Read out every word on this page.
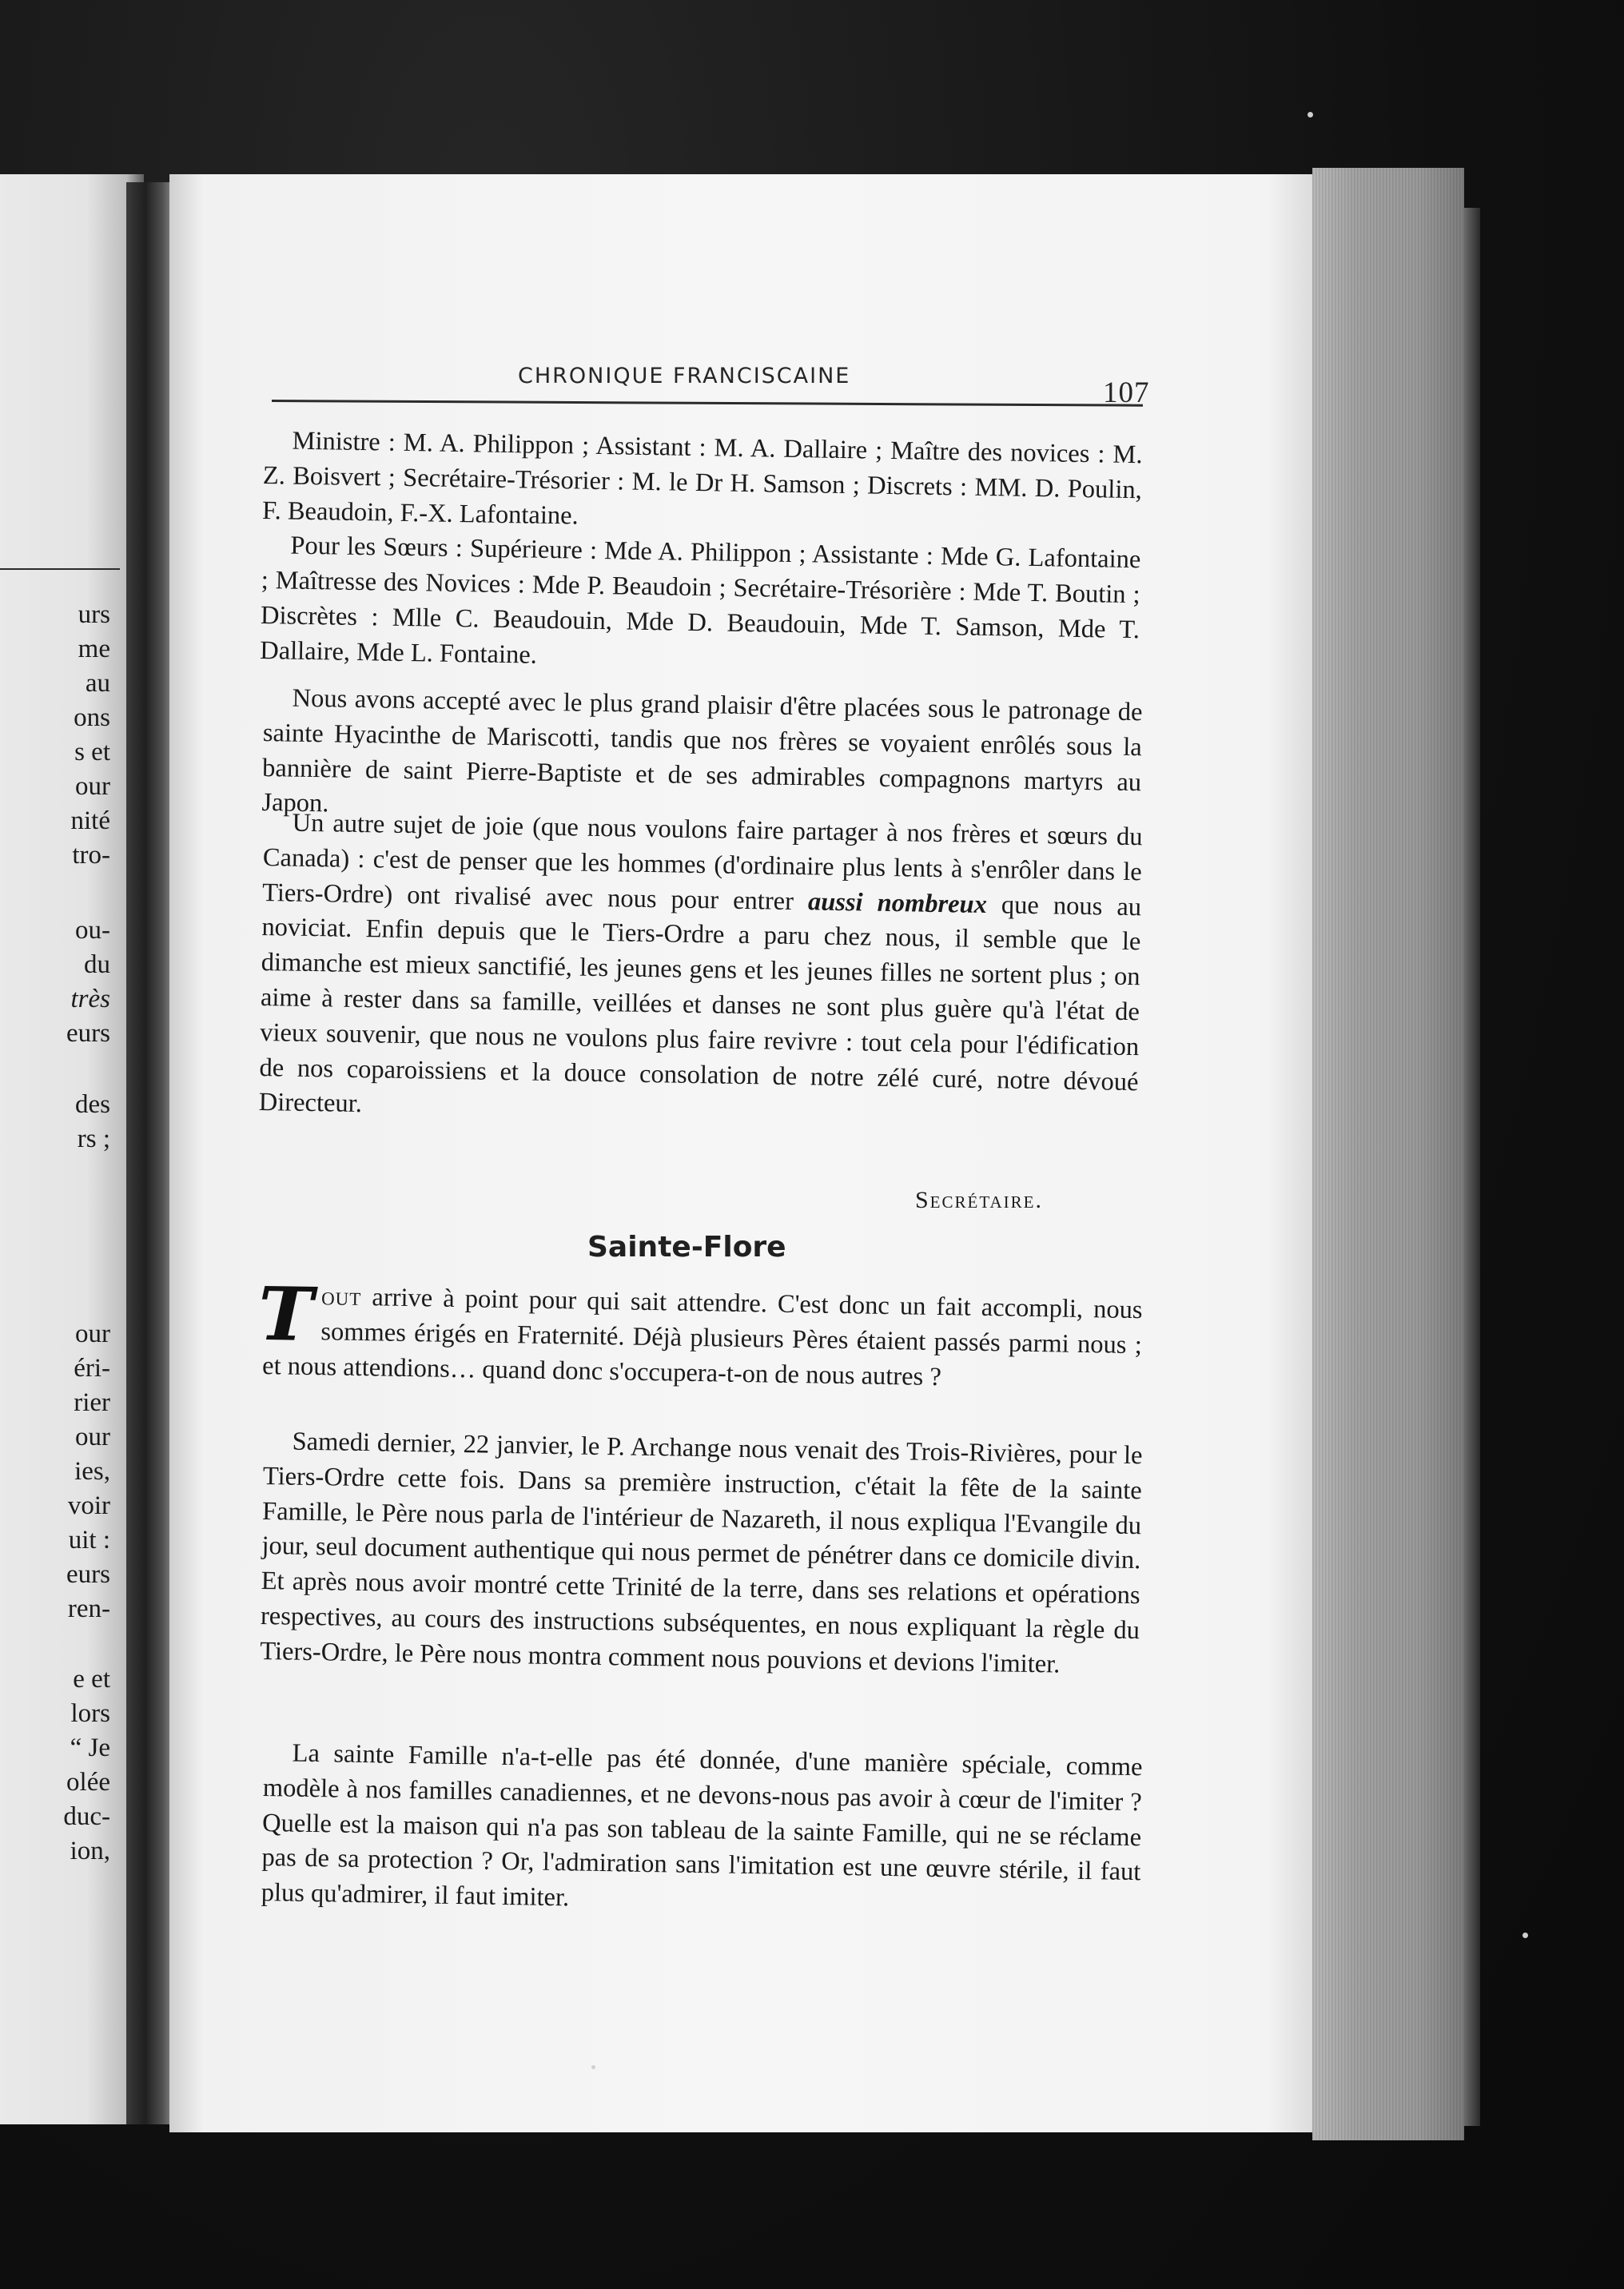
urs
me
au
ons
s et
our
nité
tro-
ou-
du
très
eurs
des
rs ;
our
éri-
rier
our
ies,
voir
uit :
eurs
ren-
e et
lors
“ Je
olée
duc-
ion,
CHRONIQUE FRANCISCAINE
107

Ministre : M. A. Philippon ; Assistant : M. A. Dallaire ; Maître des novices : M. Z. Boisvert ; Secrétaire-Trésorier : M. le Dr H. Samson ; Discrets : MM. D. Poulin, F. Beaudoin, F.-X. Lafontaine.

Pour les Sœurs : Supérieure : Mde A. Philippon ; Assistante : Mde G. Lafontaine ; Maîtresse des Novices : Mde P. Beaudoin ; Secrétaire-Trésorière : Mde T. Boutin ; Discrètes : Mlle C. Beaudouin, Mde D. Beaudouin, Mde T. Samson, Mde T. Dallaire, Mde L. Fontaine.

Nous avons accepté avec le plus grand plaisir d'être placées sous le patronage de sainte Hyacinthe de Mariscotti, tandis que nos frères se voyaient enrôlés sous la bannière de saint Pierre-Baptiste et de ses admirables compagnons martyrs au Japon.

Un autre sujet de joie (que nous voulons faire partager à nos frères et sœurs du Canada) : c'est de penser que les hommes (d'ordinaire plus lents à s'enrôler dans le Tiers-Ordre) ont rivalisé avec nous pour entrer aussi nombreux que nous au noviciat. Enfin depuis que le Tiers-Ordre a paru chez nous, il semble que le dimanche est mieux sanctifié, les jeunes gens et les jeunes filles ne sortent plus ; on aime à rester dans sa famille, veillées et danses ne sont plus guère qu'à l'état de vieux souvenir, que nous ne voulons plus faire revivre : tout cela pour l'édification de nos coparoissiens et la douce consolation de notre zélé curé, notre dévoué Directeur.

Secrétaire.
Sainte-Flore

Tout arrive à point pour qui sait attendre. C'est donc un fait accompli, nous sommes érigés en Fraternité. Déjà plusieurs Pères étaient passés parmi nous ; et nous attendions… quand donc s'occupera-t-on de nous autres ?

Samedi dernier, 22 janvier, le P. Archange nous venait des Trois-Rivières, pour le Tiers-Ordre cette fois. Dans sa première instruction, c'était la fête de la sainte Famille, le Père nous parla de l'intérieur de Nazareth, il nous expliqua l'Evangile du jour, seul document authentique qui nous permet de pénétrer dans ce domicile divin. Et après nous avoir montré cette Trinité de la terre, dans ses relations et opérations respectives, au cours des instructions subséquentes, en nous expliquant la règle du Tiers-Ordre, le Père nous montra comment nous pouvions et devions l'imiter.

La sainte Famille n'a-t-elle pas été donnée, d'une manière spéciale, comme modèle à nos familles canadiennes, et ne devons-nous pas avoir à cœur de l'imiter ? Quelle est la maison qui n'a pas son tableau de la sainte Famille, qui ne se réclame pas de sa protection ? Or, l'admiration sans l'imitation est une œuvre stérile, il faut plus qu'admirer, il faut imiter.
